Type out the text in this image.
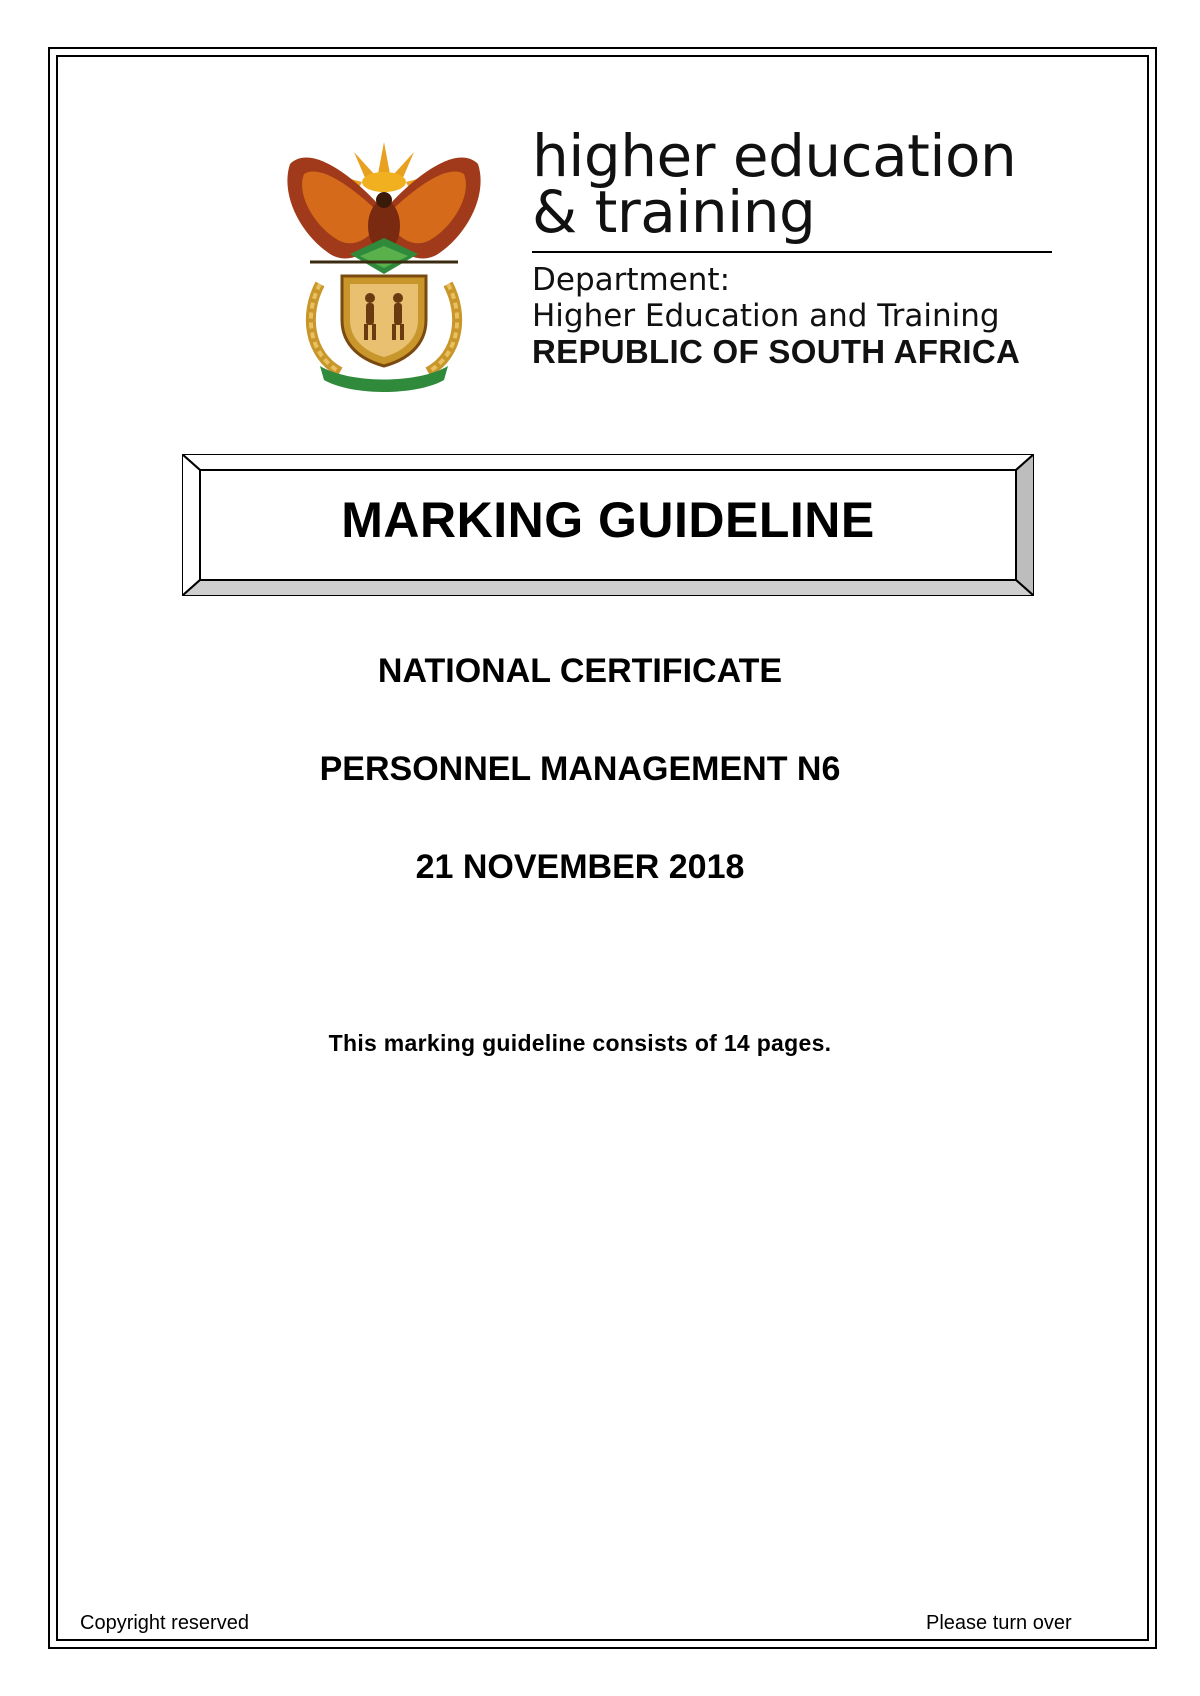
higher education
& training
Department:
Higher Education and Training
REPUBLIC OF SOUTH AFRICA
MARKING GUIDELINE
NATIONAL CERTIFICATE
PERSONNEL MANAGEMENT N6
21 NOVEMBER 2018
This marking guideline consists of 14 pages.
Copyright reserved	Please turn over
